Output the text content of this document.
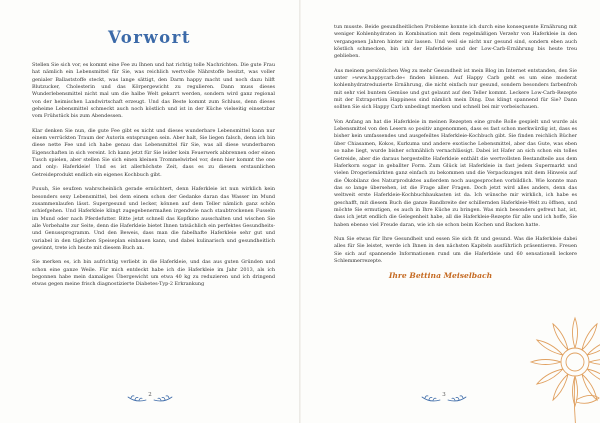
Vorwort

Stellen Sie sich vor, es kommt eine Fee zu Ihnen und hat richtig tolle Nachrichten. Die gute Frau hat nämlich ein Lebensmittel für Sie, was reichlich wertvolle Nährstoffe besitzt, was voller genialer Ballaststoffe steckt, was lange sättigt, den Darm happy macht und noch dazu hilft Blutzucker, Cholesterin und das Körpergewicht zu regulieren. Dann muss dieses Wunderlebensmittel nicht mal um die halbe Welt gekarrt werden, sondern wird ganz regional von der heimischen Landwirtschaft erzeugt. Und das Beste kommt zum Schluss, denn dieses geheime Lebensmittel schmeckt auch noch köstlich und ist in der Küche vielseitig einsetzbar vom Frühstück bis zum Abendessen.

Klar denken Sie nun, die gute Fee gibt es nicht und dieses wunderbare Lebensmittel kann nur einem verrückten Traum der Autorin entsprungen sein. Aber halt, Sie liegen falsch, denn ich bin diese nette Fee und ich habe genau das Lebensmittel für Sie, was all diese wunderbaren Eigenschaften in sich vereint. Ich kann jetzt für Sie leider kein Feuerwerk abbrennen oder einen Tusch spielen, aber stellen Sie sich einen kleinen Trommelwirbel vor, denn hier kommt the one and only: Haferkleie! Und es ist allerhöchste Zeit, dass es zu diesem erstaunlichen Getreideprodukt endlich ein eigenes Kochbuch gibt.

Puuuh, Sie seufzen wahrscheinlich gerade ernüchtert, denn Haferkleie ist nun wirklich kein besonders sexy Lebensmittel, bei dem einem schon der Gedanke daran das Wasser im Mund zusammenlaufen lässt. Supergesund und lecker, können auf dem Teller nämlich ganz schön schiefgehen. Und Haferkleie klingt zugegebenermaßen irgendwie nach staubtrockenen Fusseln im Mund oder nach Pferdefutter. Bitte jetzt schnell das Kopfkino ausschalten und wischen Sie alle Vorbehalte zur Seite, denn die Haferkleie bietet Ihnen tatsächlich ein perfektes Gesundheits- und Genussprogramm. Und den Beweis, dass man die fabelhafte Haferkleie sehr gut und variabel in den täglichen Speiseplan einbauen kann, und dabei kulinarisch und gesundheitlich gewinnt, trete ich heute mit diesem Buch an.

Sie merken es, ich bin aufrichtig verliebt in die Haferkleie, und das aus guten Gründen und schon eine ganze Weile. Für mich entdeckt habe ich die Haferkleie im Jahr 2013, als ich begonnen habe mein damaliges Übergewicht um etwa 40 kg zu reduzieren und ich dringend etwas gegen meine frisch diagnostizierte Diabetes-Typ-2 Erkrankung

2

tun musste. Beide gesundheitlichen Probleme konnte ich durch eine konsequente Ernährung mit weniger Kohlenhydraten in Kombination mit dem regelmäßigen Verzehr von Haferkleie in den vergangenen Jahren hinter mir lassen. Und weil sie nicht nur gesund sind, sondern eben auch köstlich schmecken, bin ich der Haferkleie und der Low-Carb-Ernährung bis heute treu geblieben.

Aus meinem persönlichen Weg zu mehr Gesundheit ist mein Blog im Internet entstanden, den Sie unter »www.happycarb.de« finden können. Auf Happy Carb geht es um eine moderat kohlenhydratreduzierte Ernährung, die nicht einfach nur gesund, sondern besonders farbenfroh mit sehr viel buntem Gemüse und gut gelaunt auf den Teller kommt. Leckere Low-Carb-Rezepte mit der Extraportion Happiness sind nämlich mein Ding. Das klingt spannend für Sie? Dann sollten Sie sich Happy Carb unbedingt merken und schnell bei mir vorbeischauen.

Von Anfang an hat die Haferkleie in meinen Rezepten eine große Rolle gespielt und wurde als Lebensmittel von den Lesern so positiv angenommen, dass es fast schon merkwürdig ist, dass es bisher kein umfassendes und ausgefeiltes Haferkleie-Kochbuch gibt. Sie finden reichlich Bücher über Chiasamen, Kokos, Kurkuma und andere exotische Lebensmittel, aber das Gute, was eben so nahe liegt, wurde bisher schmählich vernachlässigt. Dabei ist Hafer an sich schon ein tolles Getreide, aber die daraus hergestellte Haferkleie enthält die wertvollsten Bestandteile aus dem Haferkorn sogar in geballter Form. Zum Glück ist Haferkleie in fast jedem Supermarkt und vielen Drogeriemärkten ganz einfach zu bekommen und die Verpackungen mit dem Hinweis auf die Ökobilanz des Naturproduktes außerdem noch ausgesprochen vorbildlich. Wie konnte man das so lange übersehen, ist die Frage aller Fragen. Doch jetzt wird alles anders, denn das weltweit erste Haferkleie-Kochbuchbaukasten ist da. Ich wünsche mir wirklich, ich habe es geschafft, mit diesem Buch die ganze Bandbreite der schillernden Haferkleie-Welt zu öffnen, und möchte Sie ermutigen, es auch in Ihre Küche zu bringen. Was mich besonders gefreut hat, ist, dass ich jetzt endlich die Gelegenheit habe, all die Haferkleie-Rezepte für alle und ich hoffe, Sie haben ebenso viel Freude daran, wie ich sie schon beim Kochen und Backen hatte.

Nun Sie etwas für Ihre Gesundheit und essen Sie sich fit und gesund. Was die Haferkleie dabei alles für Sie leistet, werde ich Ihnen in den nächsten Kapiteln ausführlich präsentieren. Freuen Sie sich auf spannende Informationen rund um die Haferkleie und 60 sensationell leckere Schlemmerrezepte.

Ihre Bettina Meiselbach
3
